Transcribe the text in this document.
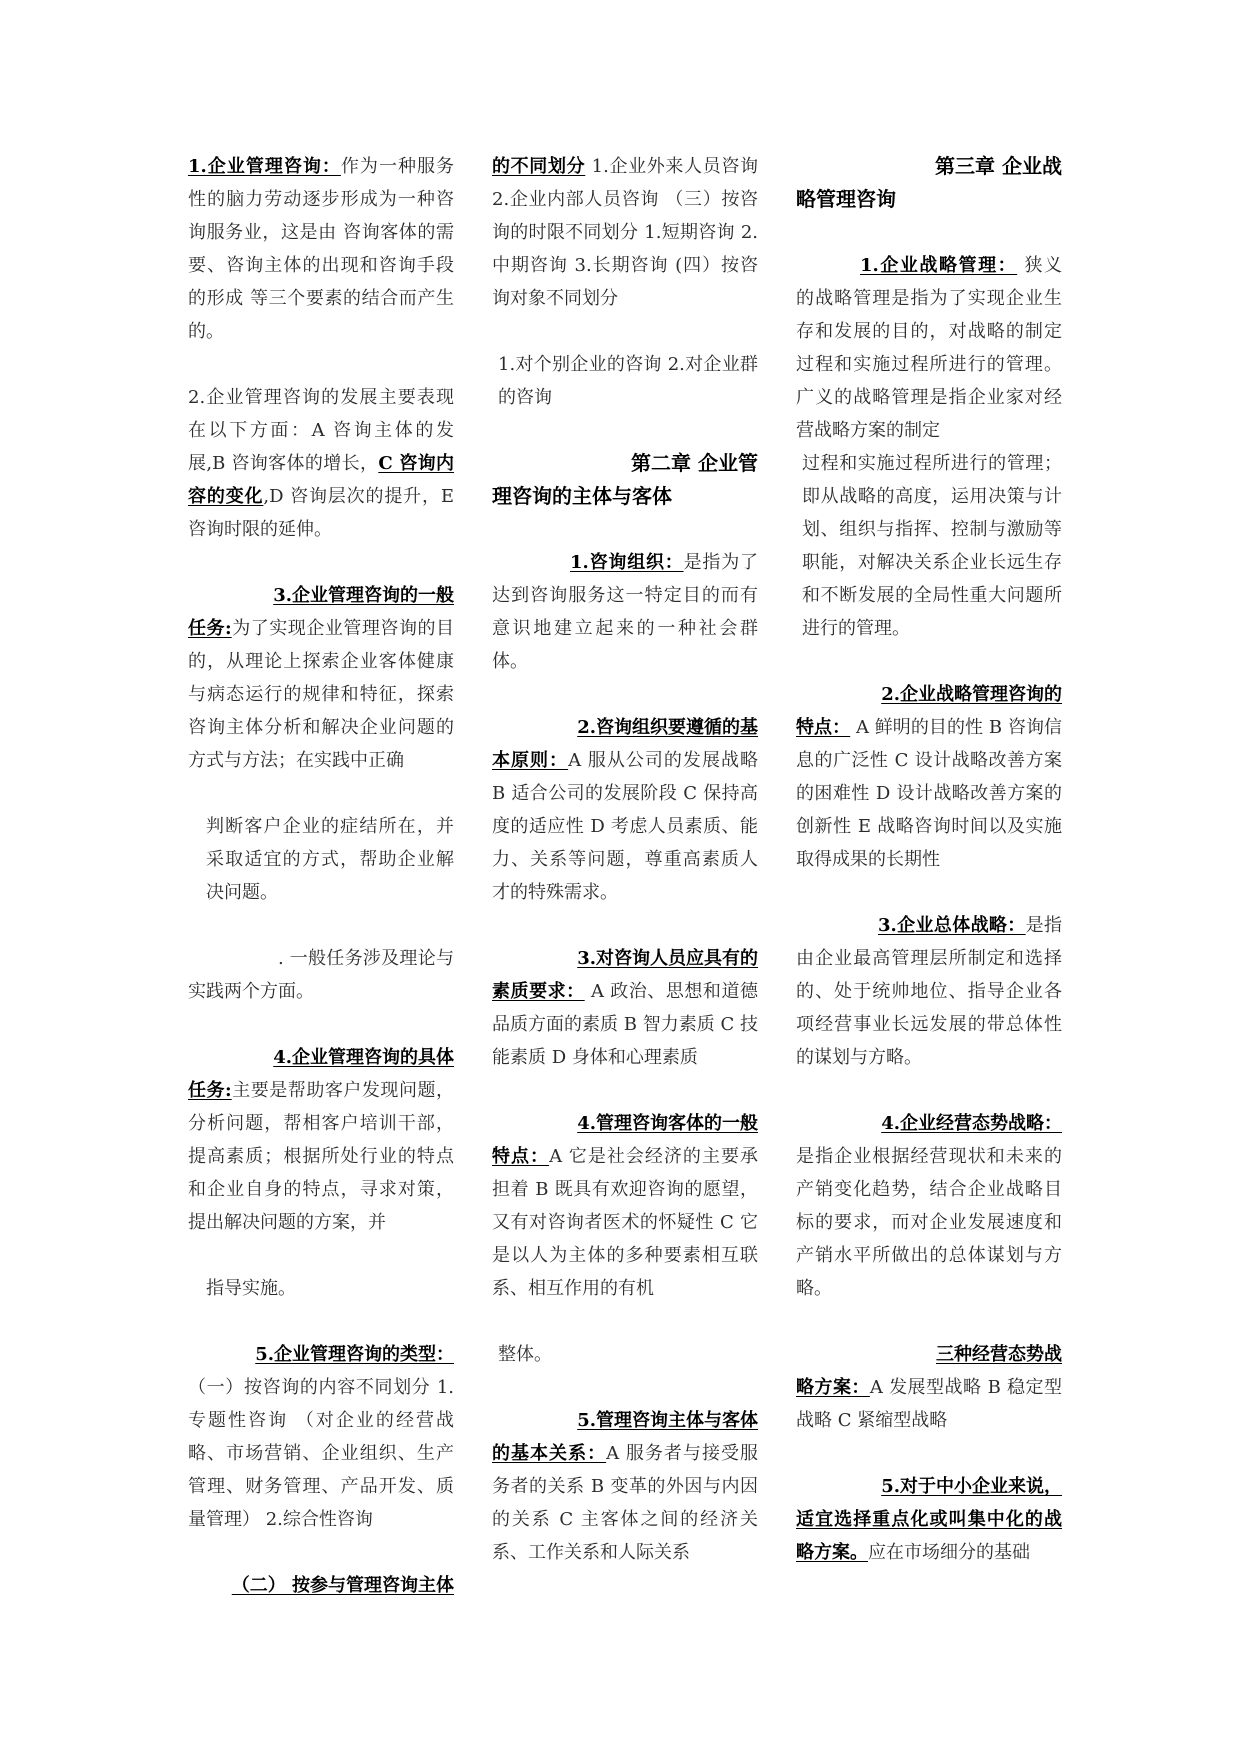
1.企业管理咨询：作为一种服务性的脑力劳动逐步形成为一种咨询服务业，这是由 咨询客体的需要、咨询主体的出现和咨询手段的形成 等三个要素的结合而产生的。

2.企业管理咨询的发展主要表现在以下方面：A 咨询主体的发展,B 咨询客体的增长，C 咨询内容的变化,D 咨询层次的提升，E 咨询时限的延伸。

3.企业管理咨询的一般

任务:为了实现企业管理咨询的目的，从理论上探索企业客体健康与病态运行的规律和特征，探索咨询主体分析和解决企业问题的方式与方法；在实践中正确

判断客户企业的症结所在，并采取适宜的方式，帮助企业解决问题。

. 一般任务涉及理论与实践两个方面。

4.企业管理咨询的具体

任务:主要是帮助客户发现问题，分析问题，帮相客户培训干部，提高素质；根据所处行业的特点和企业自身的特点，寻求对策，提出解决问题的方案，并

指导实施。

5.企业管理咨询的类型：

（一）按咨询的内容不同划分 1.专题性咨询 （对企业的经营战略、市场营销、企业组织、生产管理、财务管理、产品开发、质量管理） 2.综合性咨询

（二） 按参与管理咨询主体

的不同划分 1.企业外来人员咨询 2.企业内部人员咨询 （三）按咨询的时限不同划分 1.短期咨询 2.中期咨询 3.长期咨询 (四）按咨询对象不同划分

1.对个别企业的咨询 2.对企业群的咨询

第二章 企业管
理咨询的主体与客体

1.咨询组织：是指为了达到咨询服务这一特定目的而有意识地建立起来的一种社会群体。

2.咨询组织要遵循的基

本原则：A 服从公司的发展战略 B 适合公司的发展阶段 C 保持高度的适应性 D 考虑人员素质、能力、关系等问题，尊重高素质人才的特殊需求。

3.对咨询人员应具有的

素质要求： A 政治、思想和道德品质方面的素质 B 智力素质 C 技能素质 D 身体和心理素质

4.管理咨询客体的一般

特点：A 它是社会经济的主要承担着 B 既具有欢迎咨询的愿望，又有对咨询者医术的怀疑性 C 它是以人为主体的多种要素相互联系、相互作用的有机

整体。

5.管理咨询主体与客体

的基本关系：A 服务者与接受服务者的关系 B 变革的外因与内因的关系 C 主客体之间的经济关系、工作关系和人际关系

第三章 企业战
略管理咨询

1.企业战略管理： 狭义的战略管理是指为了实现企业生存和发展的目的，对战略的制定过程和实施过程所进行的管理。 广义的战略管理是指企业家对经营战略方案的制定

过程和实施过程所进行的管理；即从战略的高度，运用决策与计划、组织与指挥、控制与激励等职能，对解决关系企业长远生存和不断发展的全局性重大问题所进行的管理。

2.企业战略管理咨询的

特点： A 鲜明的目的性 B 咨询信息的广泛性 C 设计战略改善方案的困难性 D 设计战略改善方案的创新性 E 战略咨询时间以及实施取得成果的长期性

3.企业总体战略：是指由企业最高管理层所制定和选择的、处于统帅地位、指导企业各项经营事业长远发展的带总体性的谋划与方略。

4.企业经营态势战略：

是指企业根据经营现状和未来的产销变化趋势，结合企业战略目标的要求，而对企业发展速度和产销水平所做出的总体谋划与方略。

三种经营态势战

略方案：A 发展型战略 B 稳定型战略 C 紧缩型战略

5.对于中小企业来说，

适宜选择重点化或叫集中化的战略方案。应在市场细分的基础
